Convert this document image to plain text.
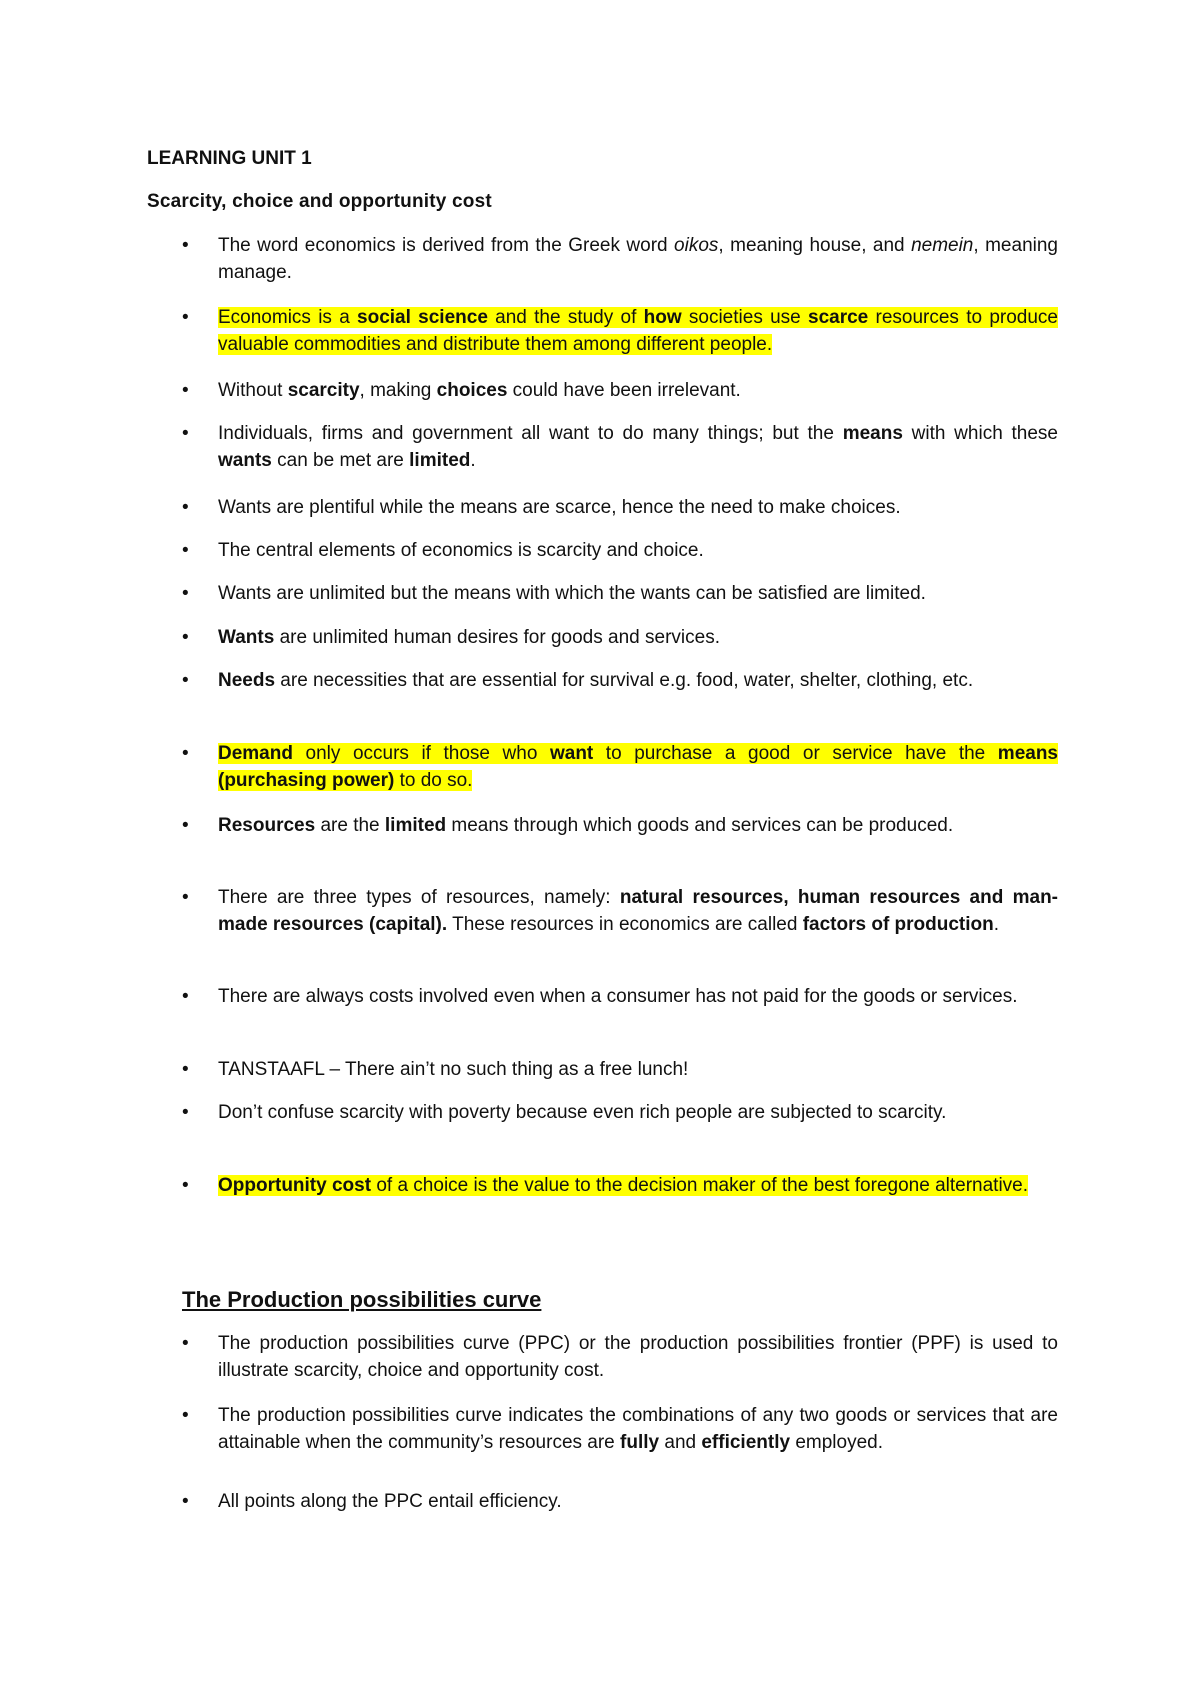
LEARNING UNIT 1
Scarcity, choice and opportunity cost
• The word economics is derived from the Greek word oikos, meaning house, and nemein, meaning manage.
• Economics is a social science and the study of how societies use scarce resources to produce valuable commodities and distribute them among different people.
• Without scarcity, making choices could have been irrelevant.
• Individuals, firms and government all want to do many things; but the means with which these wants can be met are limited.
• Wants are plentiful while the means are scarce, hence the need to make choices.
• The central elements of economics is scarcity and choice.
• Wants are unlimited but the means with which the wants can be satisfied are limited.
• Wants are unlimited human desires for goods and services.
• Needs are necessities that are essential for survival e.g. food, water, shelter, clothing, etc.
• Demand only occurs if those who want to purchase a good or service have the means (purchasing power) to do so.
• Resources are the limited means through which goods and services can be produced.
• There are three types of resources, namely: natural resources, human resources and man-made resources (capital). These resources in economics are called factors of production.
• There are always costs involved even when a consumer has not paid for the goods or services.
• TANSTAAFL – There ain’t no such thing as a free lunch!
• Don’t confuse scarcity with poverty because even rich people are subjected to scarcity.
• Opportunity cost of a choice is the value to the decision maker of the best foregone alternative.
The Production possibilities curve
• The production possibilities curve (PPC) or the production possibilities frontier (PPF) is used to illustrate scarcity, choice and opportunity cost.
• The production possibilities curve indicates the combinations of any two goods or services that are attainable when the community’s resources are fully and efficiently employed.
• All points along the PPC entail efficiency.
